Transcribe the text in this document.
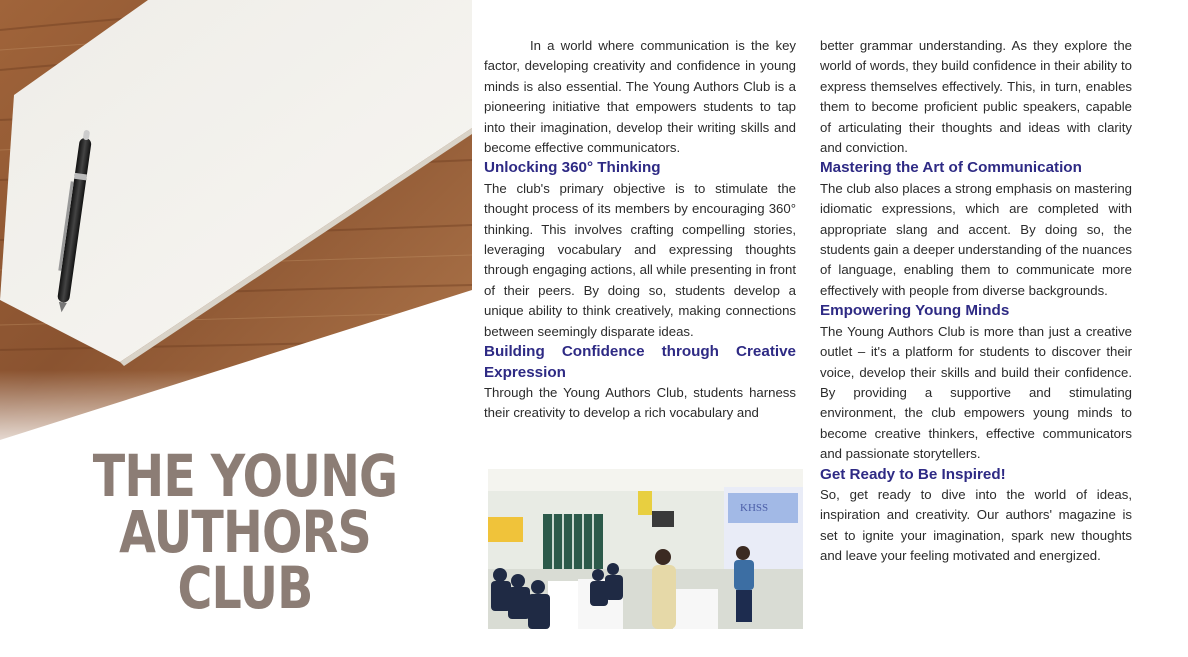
THE YOUNG
AUTHORS CLUB

In a world where communication is the key factor, developing creativity and confidence in young minds is also essential. The Young Authors Club is a pioneering initiative that empowers students to tap into their imagination, develop their writing skills and become effective communicators.

Unlocking 360° Thinking

The club's primary objective is to stimulate the thought process of its members by encouraging 360° thinking. This involves crafting compelling stories, leveraging vocabulary and expressing thoughts through engaging actions, all while presenting in front of their peers. By doing so, students develop a unique ability to think creatively, making connections between seemingly disparate ideas.

Building Confidence through Creative Expression

Through the Young Authors Club, students harness their creativity to develop a rich vocabulary and

KHSS

better grammar understanding. As they explore the world of words, they build confidence in their ability to express themselves effectively. This, in turn, enables them to become proficient public speakers, capable of articulating their thoughts and ideas with clarity and conviction.

Mastering the Art of Communication

The club also places a strong emphasis on mastering idiomatic expressions, which are completed with appropriate slang and accent. By doing so, the students gain a deeper understanding of the nuances of language, enabling them to communicate more effectively with people from diverse backgrounds.

Empowering Young Minds

The Young Authors Club is more than just a creative outlet – it's a platform for students to discover their voice, develop their skills and build their confidence. By providing a supportive and stimulating environment, the club empowers young minds to become creative thinkers, effective communicators and passionate storytellers.

Get Ready to Be Inspired!

So, get ready to dive into the world of ideas, inspiration and creativity. Our authors' magazine is set to ignite your imagination, spark new thoughts and leave your feeling motivated and energized.
